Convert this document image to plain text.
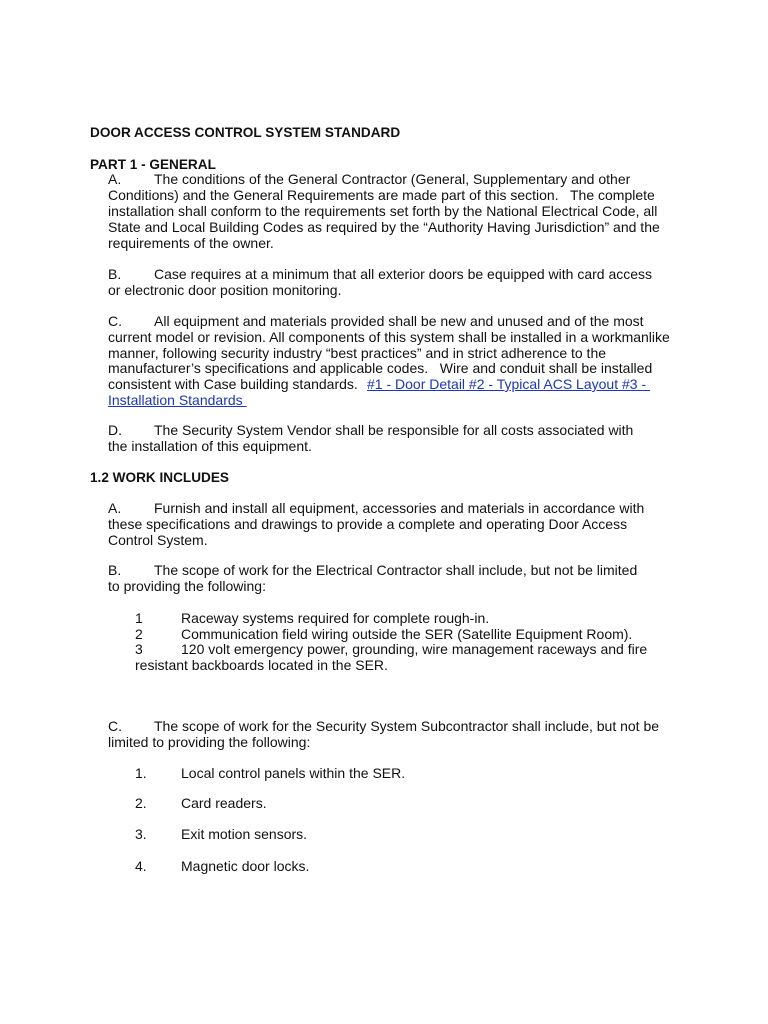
DOOR ACCESS CONTROL SYSTEM STANDARD
PART 1 - GENERAL
A. The conditions of the General Contractor (General, Supplementary and other
Conditions) and the General Requirements are made part of this section.   The complete
installation shall conform to the requirements set forth by the National Electrical Code, all
State and Local Building Codes as required by the “Authority Having Jurisdiction” and the
requirements of the owner.
B. Case requires at a minimum that all exterior doors be equipped with card access
or electronic door position monitoring.
C. All equipment and materials provided shall be new and unused and of the most
current model or revision. All components of this system shall be installed in a workmanlike
manner, following security industry “best practices” and in strict adherence to the
manufacturer’s specifications and applicable codes.   Wire and conduit shall be installed
consistent with Case building standards. #1 - Door Detail #2 - Typical ACS Layout #3 -
Installation Standards
D. The Security System Vendor shall be responsible for all costs associated with
the installation of this equipment.
1.2 WORK INCLUDES
A. Furnish and install all equipment, accessories and materials in accordance with
these specifications and drawings to provide a complete and operating Door Access
Control System.
B. The scope of work for the Electrical Contractor shall include, but not be limited
to providing the following:
1	Raceway systems required for complete rough-in.
2	Communication field wiring outside the SER (Satellite Equipment Room).
3	120 volt emergency power, grounding, wire management raceways and fire
resistant backboards located in the SER.
C. The scope of work for the Security System Subcontractor shall include, but not be
limited to providing the following:
1. Local control panels within the SER.
2. Card readers.
3. Exit motion sensors.
4. Magnetic door locks.
